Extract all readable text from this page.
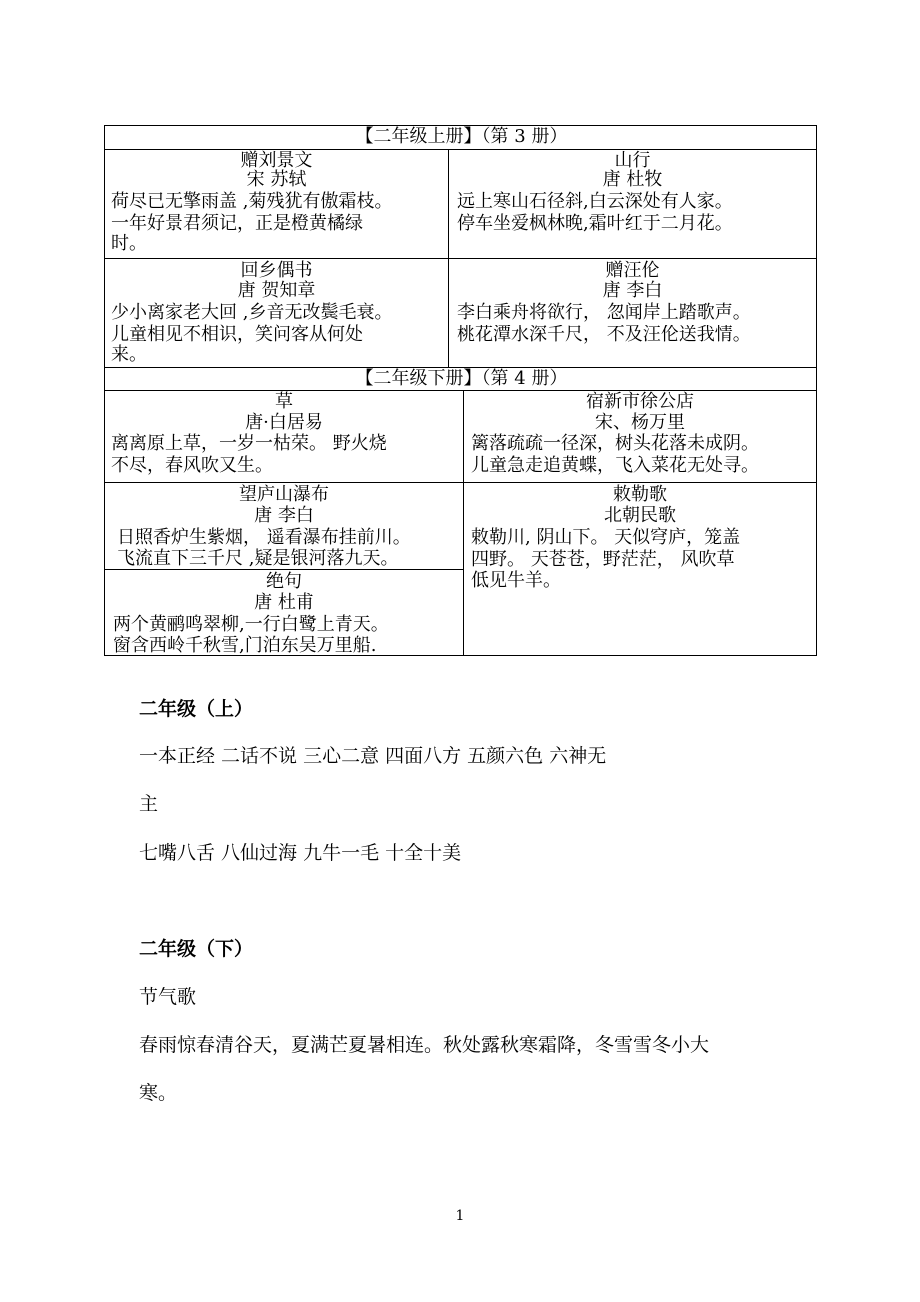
【二年级上册】（第 3 册）
赠刘景文
宋 苏轼
荷尽已无擎雨盖 ,菊残犹有傲霜枝。
一年好景君须记，正是橙黄橘绿
时。
山行
唐 杜牧
远上寒山石径斜,白云深处有人家。
停车坐爱枫林晚,霜叶红于二月花。
回乡偶书
唐 贺知章
少小离家老大回 ,乡音无改鬓毛衰。
儿童相见不相识，笑问客从何处
来。
赠汪伦
唐 李白
李白乘舟将欲行， 忽闻岸上踏歌声。
桃花潭水深千尺， 不及汪伦送我情。
【二年级下册】（第 4 册）
草
唐·白居易
离离原上草，一岁一枯荣。 野火烧
不尽，春风吹又生。
宿新市徐公店
宋、杨万里
篱落疏疏一径深，树头花落未成阴。
儿童急走追黄蝶，飞入菜花无处寻。
望庐山瀑布
唐 李白
日照香炉生紫烟， 遥看瀑布挂前川。
飞流直下三千尺 ,疑是银河落九天。
敕勒歌
北朝民歌
敕勒川, 阴山下。 天似穹庐，笼盖
四野。 天苍苍，野茫茫， 风吹草
低见牛羊。
绝句
唐 杜甫
两个黄鹂鸣翠柳,一行白鹭上青天。
窗含西岭千秋雪,门泊东吴万里船.
二年级（上）
一本正经 二话不说 三心二意 四面八方 五颜六色 六神无
主
七嘴八舌 八仙过海 九牛一毛 十全十美
二年级（下）
节气歌
春雨惊春清谷天，夏满芒夏暑相连。秋处露秋寒霜降，冬雪雪冬小大
寒。
1
